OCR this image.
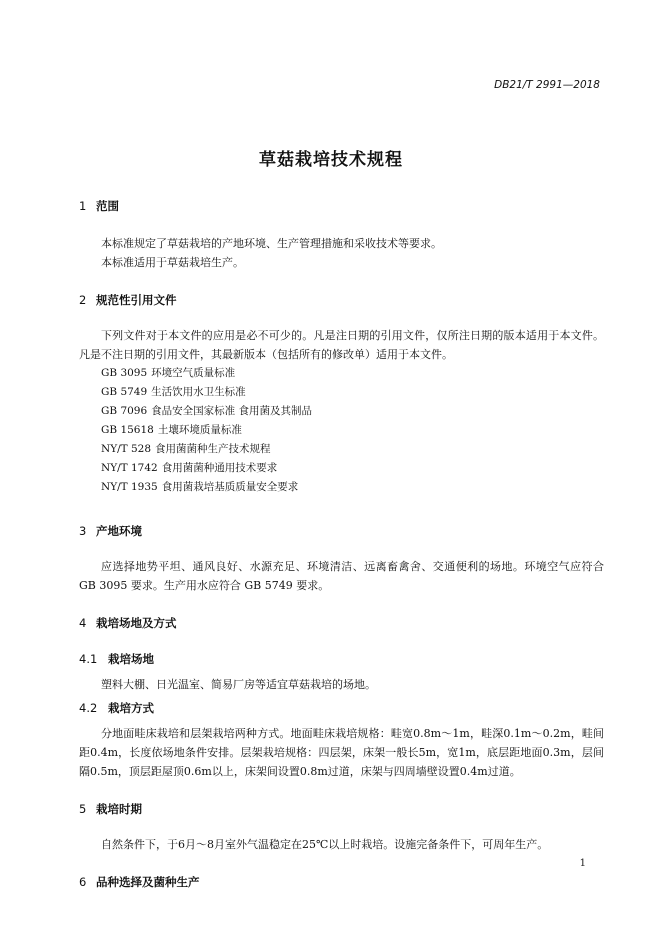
DB21/T 2991—2018
草菇栽培技术规程
1 范围

本标准规定了草菇栽培的产地环境、生产管理措施和采收技术等要求。

本标准适用于草菇栽培生产。

2 规范性引用文件

下列文件对于本文件的应用是必不可少的。凡是注日期的引用文件，仅所注日期的版本适用于本文件。凡是不注日期的引用文件，其最新版本（包括所有的修改单）适用于本文件。

GB 3095 环境空气质量标准
GB 5749 生活饮用水卫生标准
GB 7096 食品安全国家标准 食用菌及其制品
GB 15618 土壤环境质量标准
NY/T 528 食用菌菌种生产技术规程
NY/T 1742 食用菌菌种通用技术要求
NY/T 1935 食用菌栽培基质质量安全要求
3 产地环境

应选择地势平坦、通风良好、水源充足、环境清洁、远离畜禽舍、交通便利的场地。环境空气应符合 GB 3095 要求。生产用水应符合 GB 5749 要求。

4 栽培场地及方式
4.1 栽培场地

塑料大棚、日光温室、简易厂房等适宜草菇栽培的场地。

4.2 栽培方式

分地面畦床栽培和层架栽培两种方式。地面畦床栽培规格：畦宽0.8m～1m，畦深0.1m～0.2m，畦间距0.4m，长度依场地条件安排。层架栽培规格：四层架，床架一般长5m，宽1m，底层距地面0.3m，层间隔0.5m，顶层距屋顶0.6m以上，床架间设置0.8m过道，床架与四周墙壁设置0.4m过道。

5 栽培时期

自然条件下，于6月～8月室外气温稳定在25℃以上时栽培。设施完备条件下，可周年生产。

6 品种选择及菌种生产
1
